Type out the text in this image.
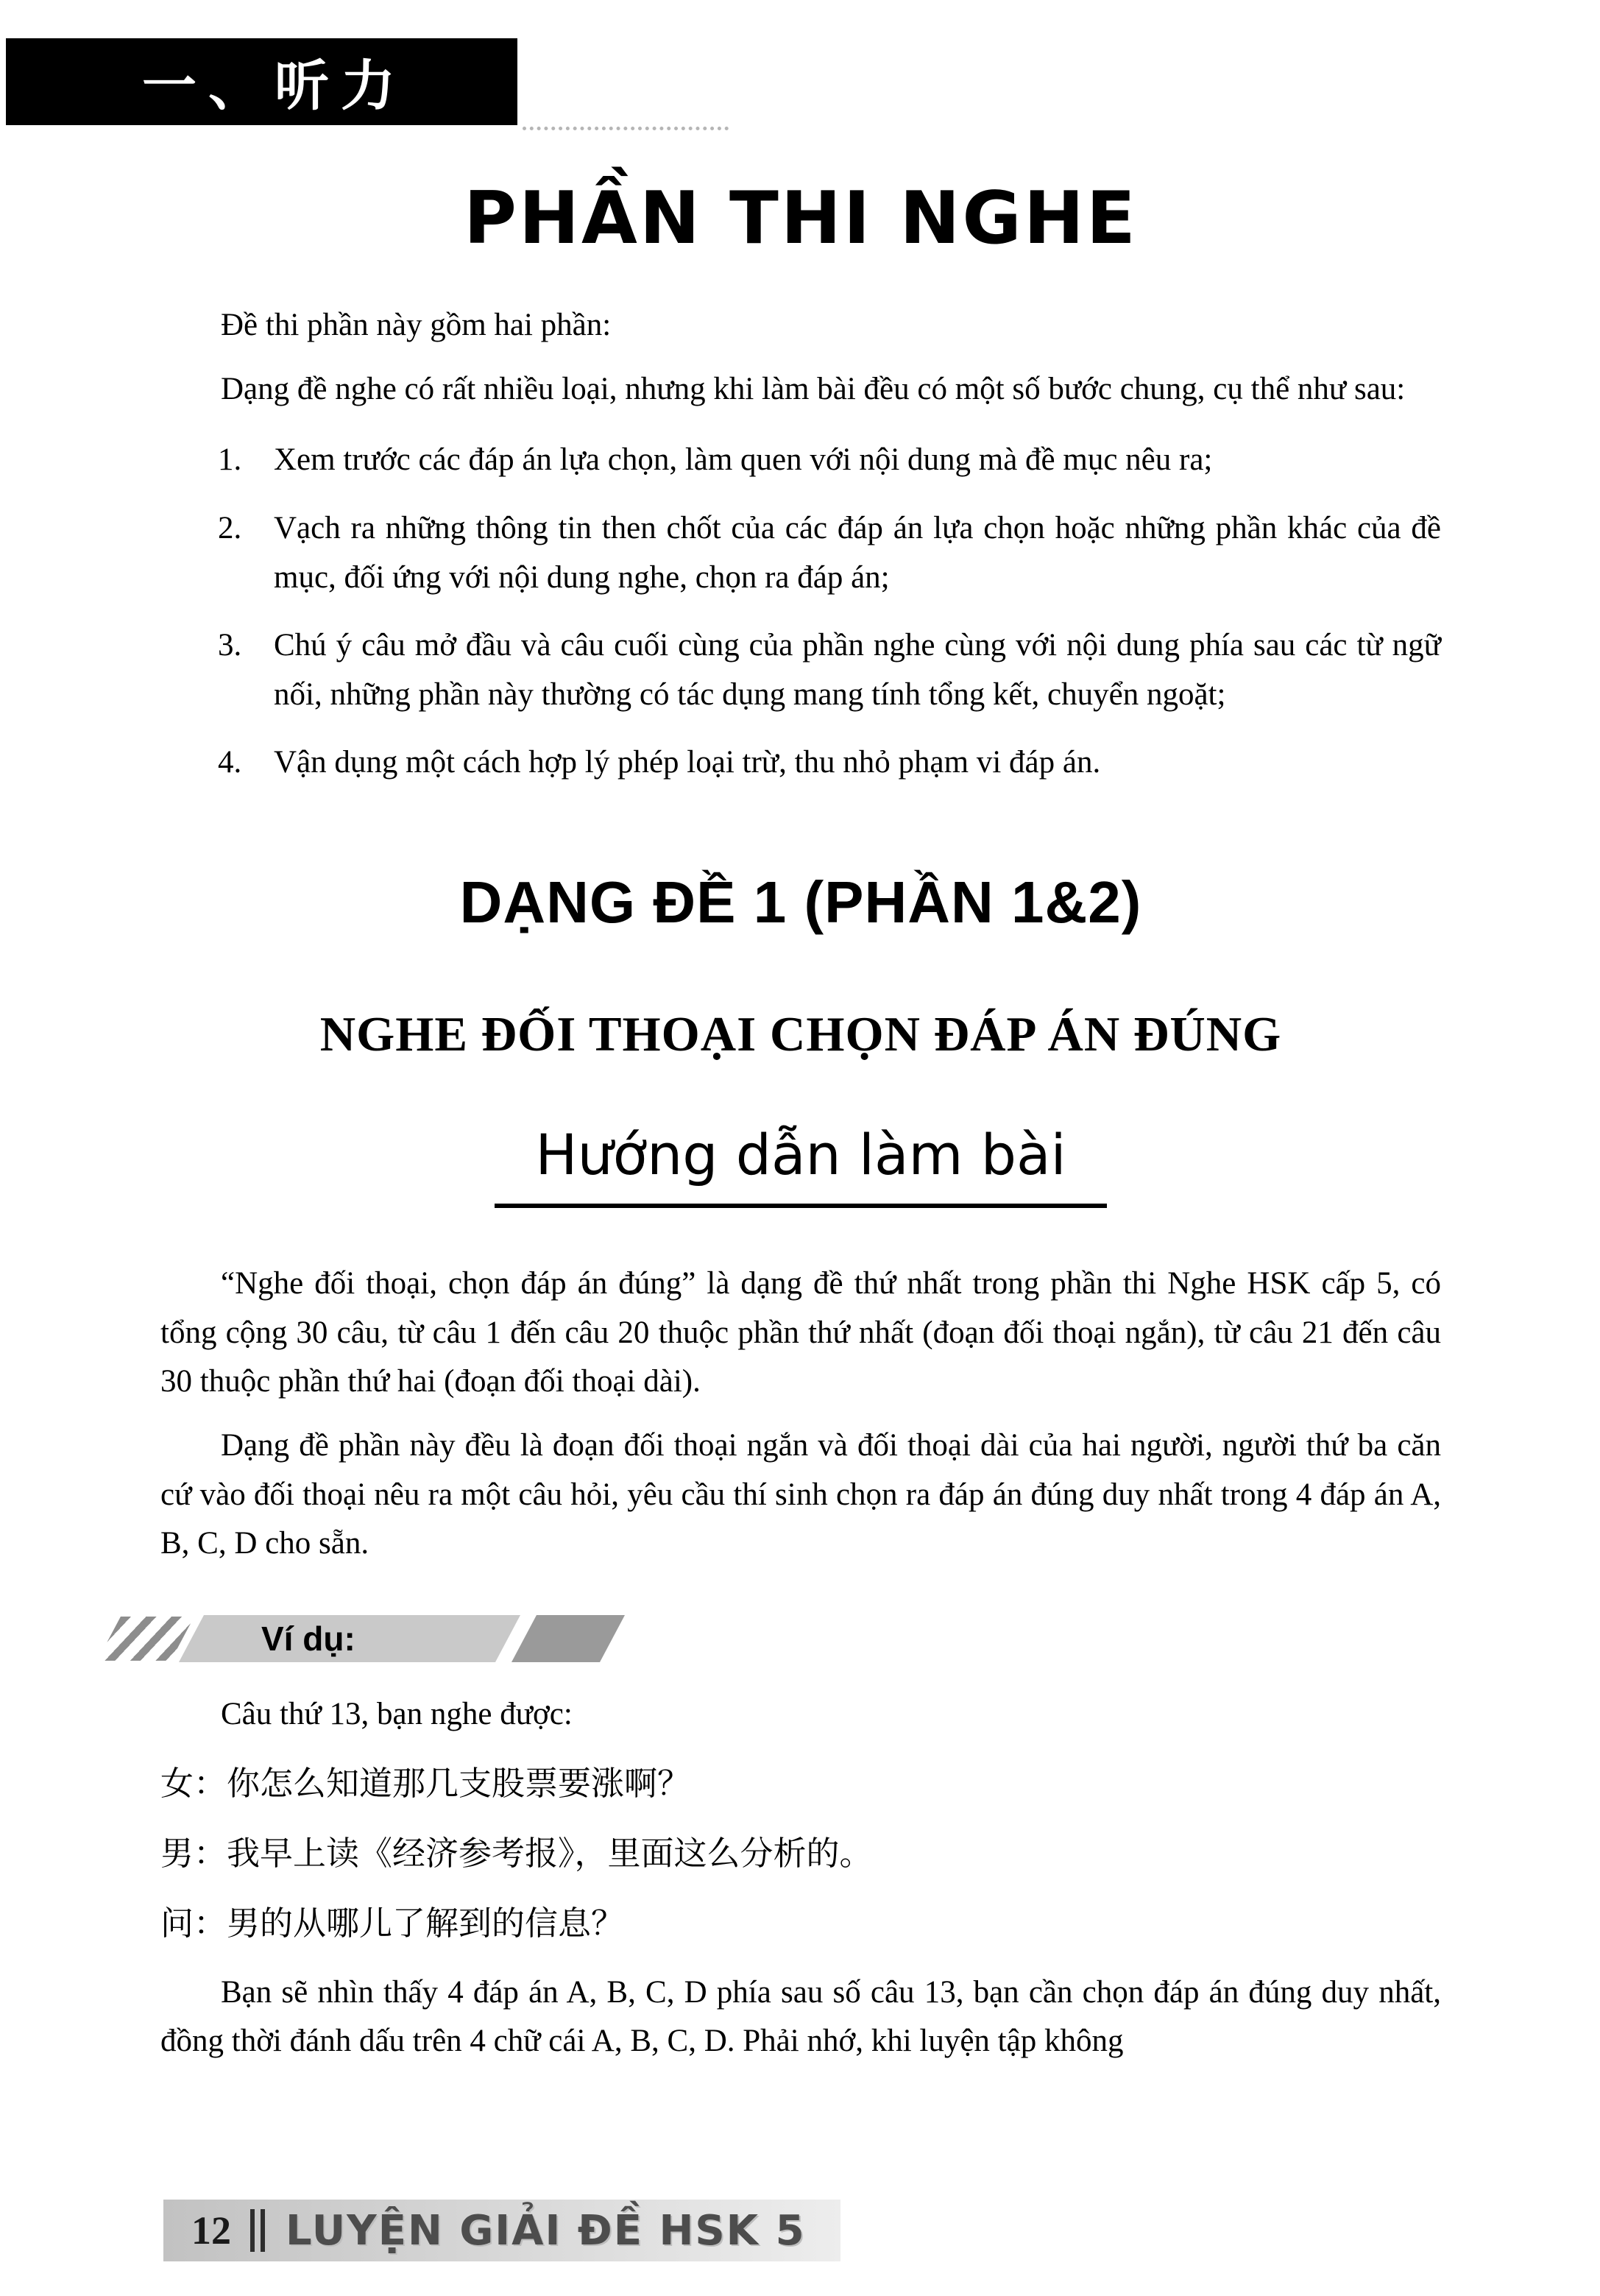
一、听力
PHẦN THI NGHE

Đề thi phần này gồm hai phần:

Dạng đề nghe có rất nhiều loại, nhưng khi làm bài đều có một số bước chung, cụ thể như sau:

1.	Xem trước các đáp án lựa chọn, làm quen với nội dung mà đề mục nêu ra;
2.	Vạch ra những thông tin then chốt của các đáp án lựa chọn hoặc những phần khác của đề mục, đối ứng với nội dung nghe, chọn ra đáp án;
3.	Chú ý câu mở đầu và câu cuối cùng của phần nghe cùng với nội dung phía sau các từ ngữ nối, những phần này thường có tác dụng mang tính tổng kết, chuyển ngoặt;
4.	Vận dụng một cách hợp lý phép loại trừ, thu nhỏ phạm vi đáp án.
DẠNG ĐỀ 1 (PHẦN 1&2)
NGHE ĐỐI THOẠI CHỌN ĐÁP ÁN ĐÚNG
Hướng dẫn làm bài

“Nghe đối thoại, chọn đáp án đúng” là dạng đề thứ nhất trong phần thi Nghe HSK cấp 5, có tổng cộng 30 câu, từ câu 1 đến câu 20 thuộc phần thứ nhất (đoạn đối thoại ngắn), từ câu 21 đến câu 30 thuộc phần thứ hai (đoạn đối thoại dài).

Dạng đề phần này đều là đoạn đối thoại ngắn và đối thoại dài của hai người, người thứ ba căn cứ vào đối thoại nêu ra một câu hỏi, yêu cầu thí sinh chọn ra đáp án đúng duy nhất trong 4 đáp án A, B, C, D cho sẵn.

Ví dụ:

Câu thứ 13, bạn nghe được:

女：你怎么知道那几支股票要涨啊？

男：我早上读《经济参考报》，里面这么分析的。

问：男的从哪儿了解到的信息？

Bạn sẽ nhìn thấy 4 đáp án A, B, C, D phía sau số câu 13, bạn cần chọn đáp án đúng duy nhất, đồng thời đánh dấu trên 4 chữ cái A, B, C, D. Phải nhớ, khi luyện tập không

12 LUYỆN GIẢI ĐỀ HSK 5
